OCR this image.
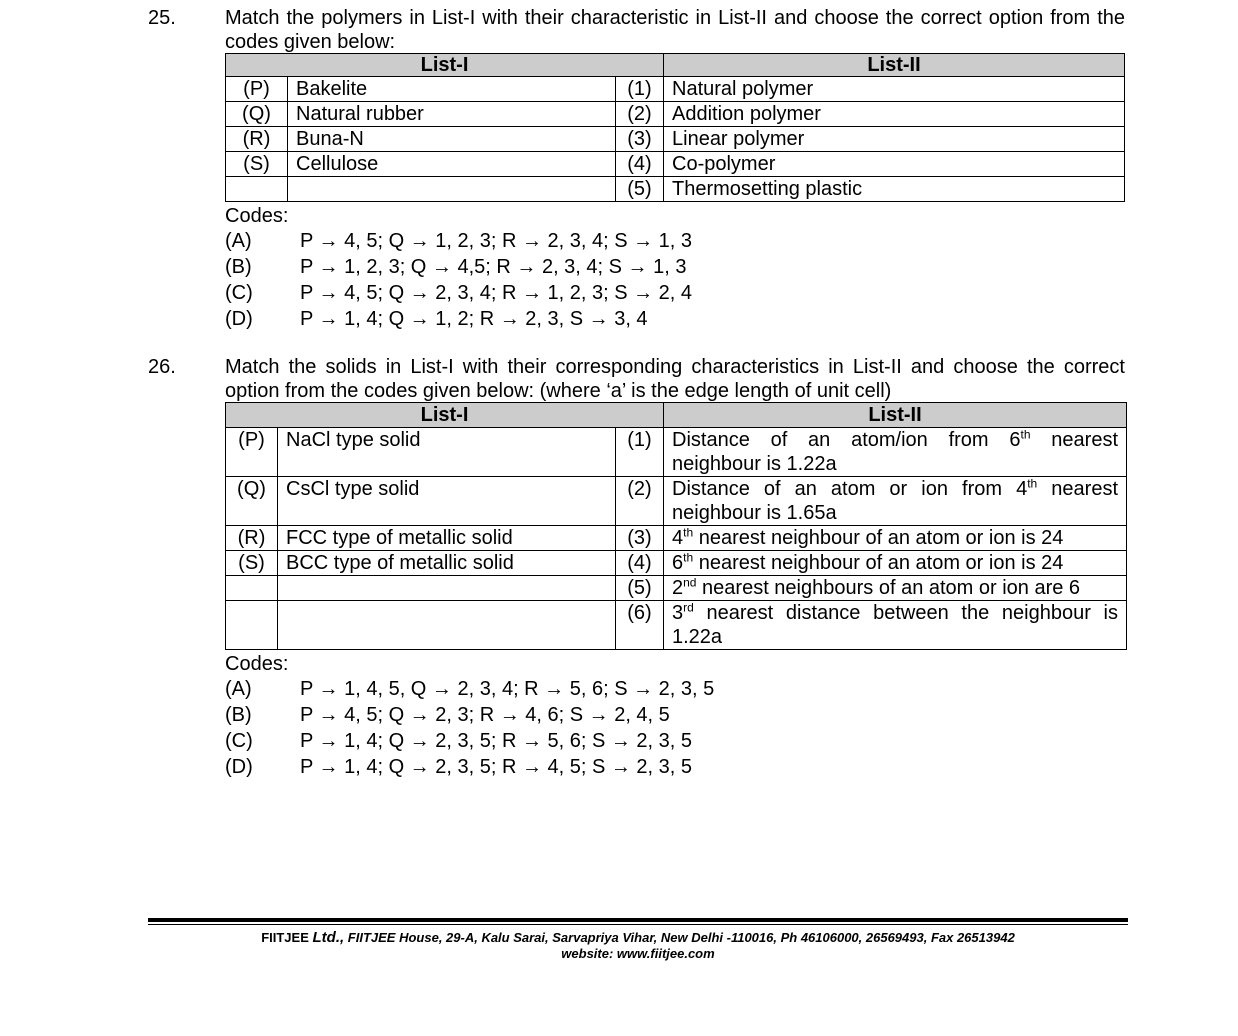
25. Match the polymers in List-I with their characteristic in List-II and choose the correct option from the codes given below:

List-I			List-II
(P)	Bakelite	(1)	Natural polymer
(Q)	Natural rubber	(2)	Addition polymer
(R)	Buna-N	(3)	Linear polymer
(S)	Cellulose	(4)	Co-polymer
		(5)	Thermosetting plastic
Codes:
(A)	P → 4, 5; Q → 1, 2, 3; R → 2, 3, 4; S → 1, 3
(B)	P → 1, 2, 3; Q → 4,5; R → 2, 3, 4; S → 1, 3
(C)	P → 4, 5; Q → 2, 3, 4; R → 1, 2, 3; S → 2, 4
(D)	P → 1, 4; Q → 1, 2; R → 2, 3, S → 3, 4
26. Match the solids in List-I with their corresponding characteristics in List-II and choose the correct option from the codes given below: (where ‘a’ is the edge length of unit cell)

List-I			List-II
(P)	NaCl type solid	(1)	Distance of an atom/ion from 6th nearest neighbour is 1.22a
(Q)	CsCl type solid	(2)	Distance of an atom or ion from 4th nearest neighbour is 1.65a
(R)	FCC type of metallic solid	(3)	4th nearest neighbour of an atom or ion is 24
(S)	BCC type of metallic solid	(4)	6th nearest neighbour of an atom or ion is 24
		(5)	2nd nearest neighbours of an atom or ion are 6
		(6)	3rd nearest distance between the neighbour is 1.22a
Codes:
(A)	P → 1, 4, 5, Q → 2, 3, 4; R → 5, 6; S → 2, 3, 5
(B)	P → 4, 5; Q → 2, 3; R → 4, 6; S → 2, 4, 5
(C)	P → 1, 4; Q → 2, 3, 5; R → 5, 6; S → 2, 3, 5
(D)	P → 1, 4; Q → 2, 3, 5; R → 4, 5; S → 2, 3, 5
FIITJEE Ltd., FIITJEE House, 29-A, Kalu Sarai, Sarvapriya Vihar, New Delhi -110016, Ph 46106000, 26569493, Fax 26513942
website: www.fiitjee.com
